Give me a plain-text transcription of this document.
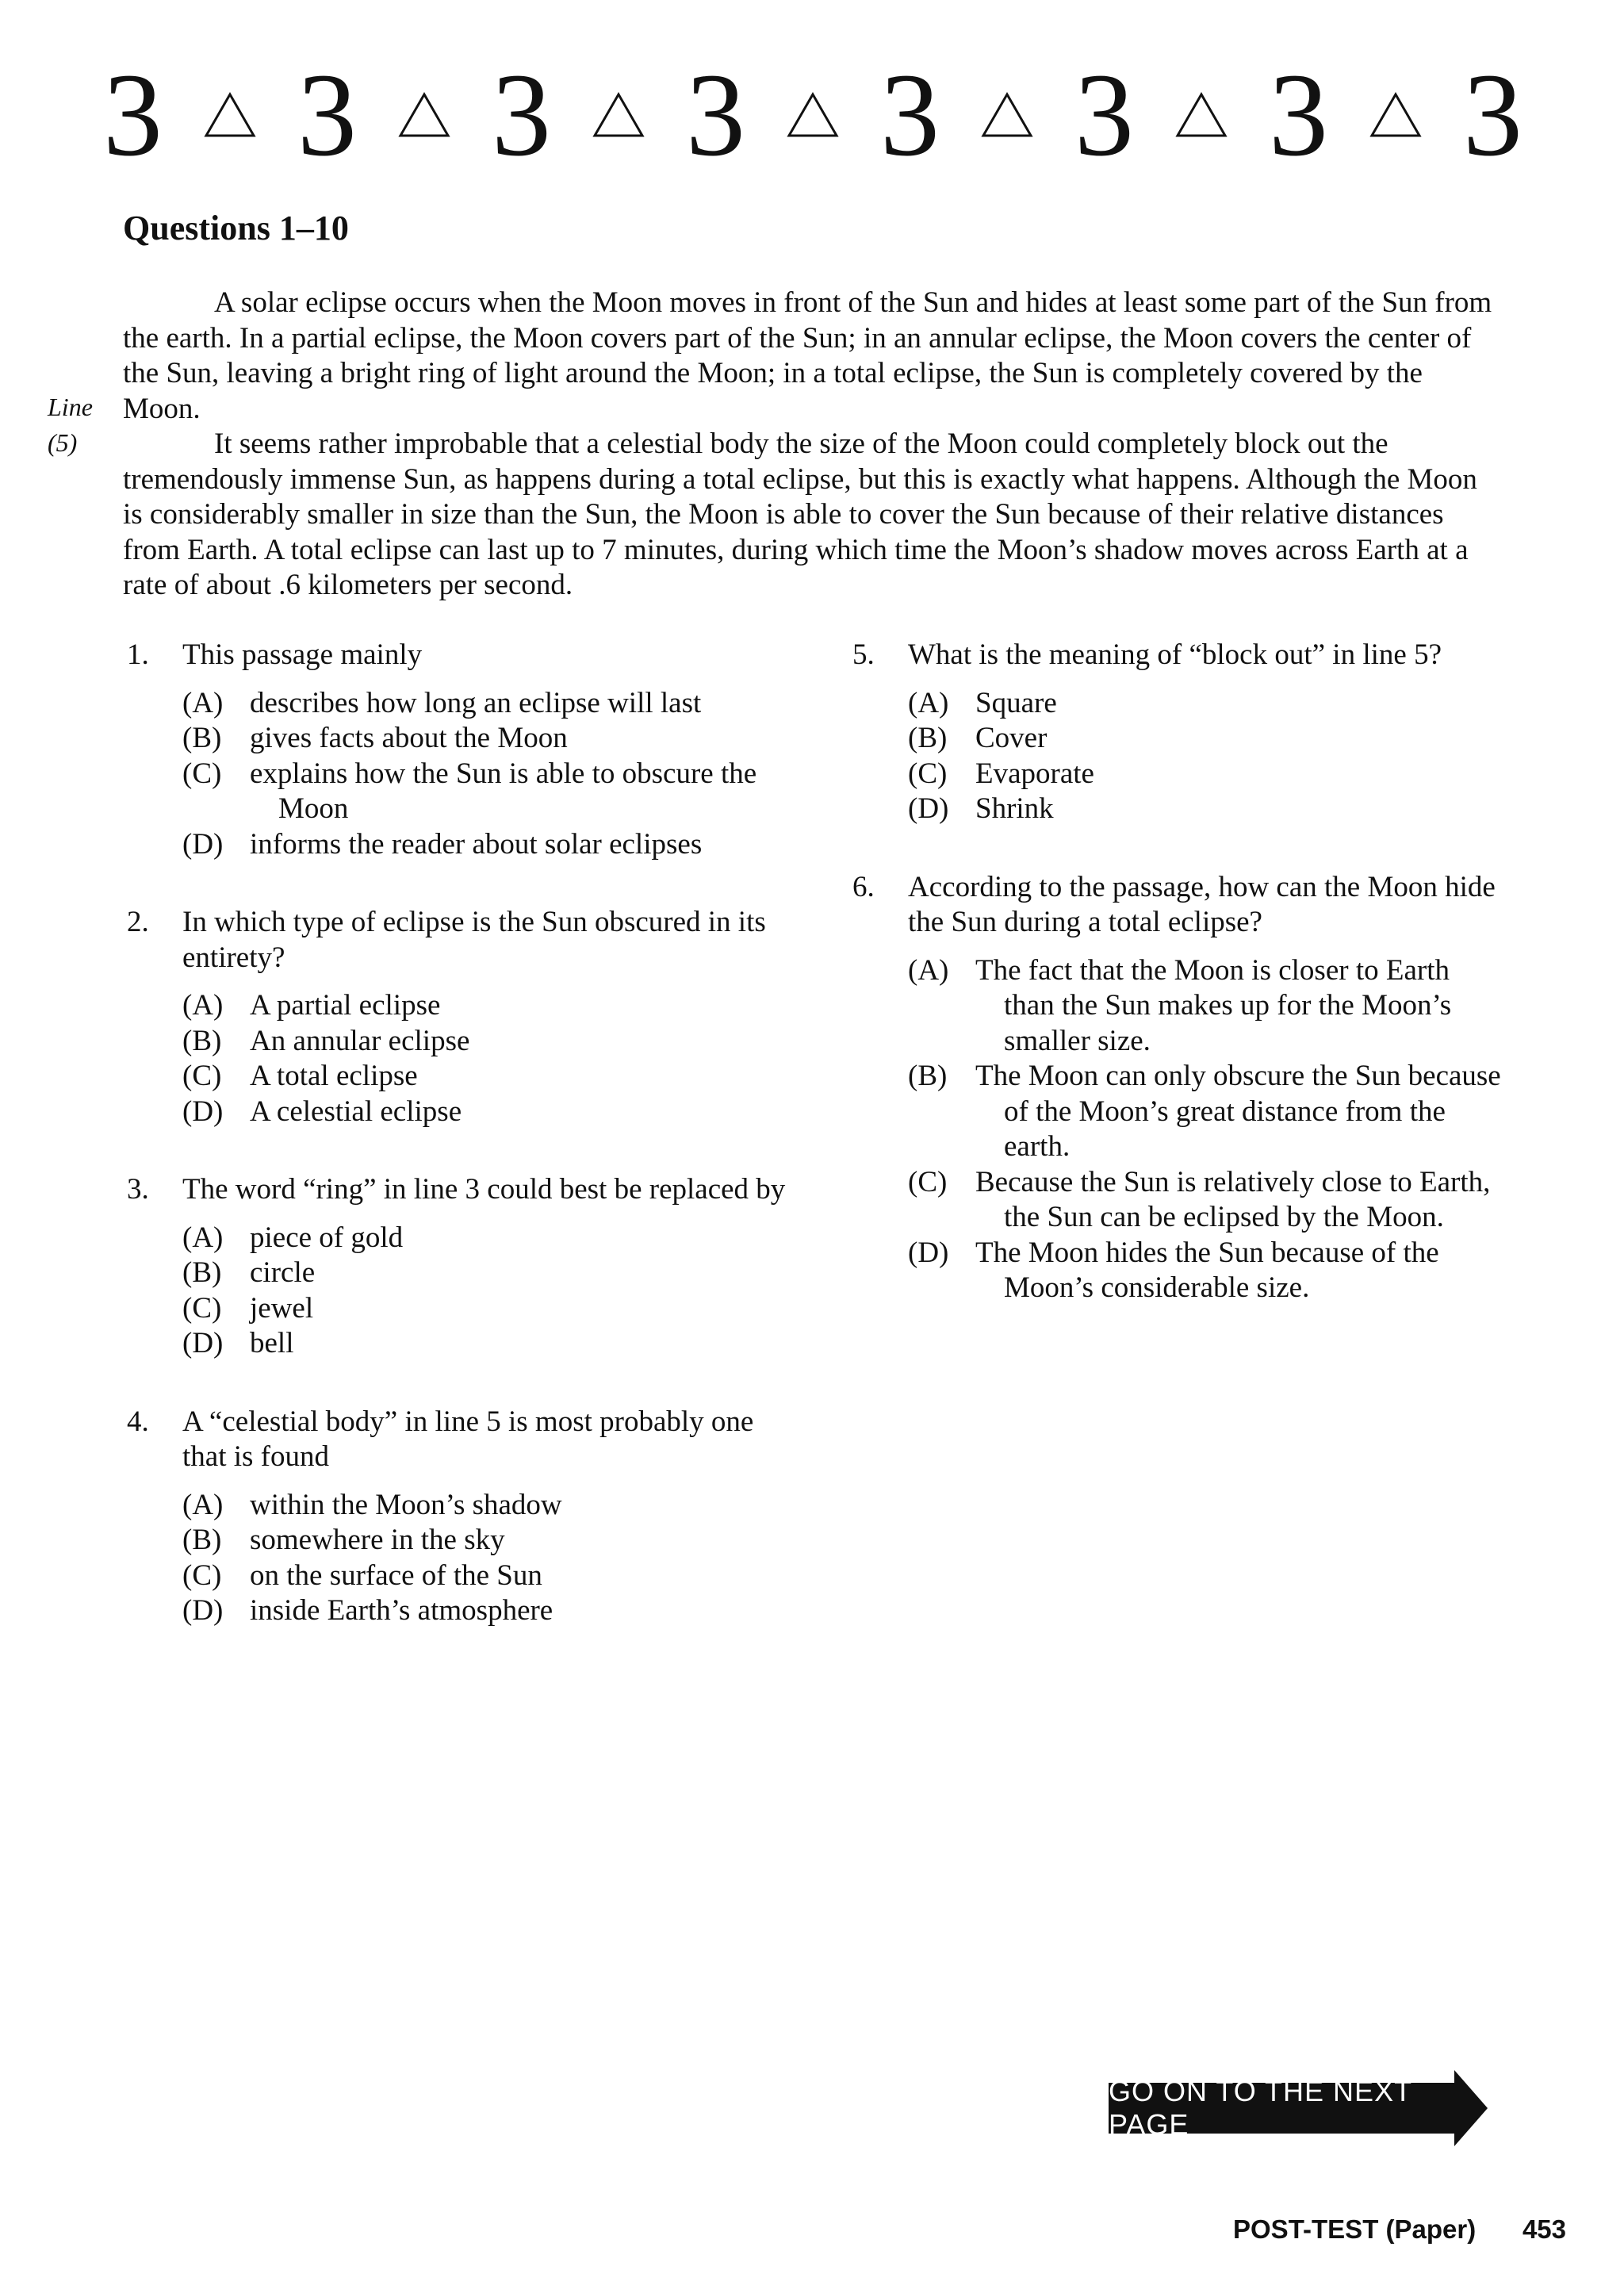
3 3 3 3 3 3 3 3
Questions 1–10

A solar eclipse occurs when the Moon moves in front of the Sun and hides at least some part of the Sun from the earth. In a partial eclipse, the Moon covers part of the Sun; in an annular eclipse, the Moon covers the center of the Sun, leaving a bright ring of light around the Moon; in a total eclipse, the Sun is completely covered by the Moon.

It seems rather improbable that a celestial body the size of the Moon could completely block out the tremendously immense Sun, as happens during a total eclipse, but this is exactly what happens. Although the Moon is considerably smaller in size than the Sun, the Moon is able to cover the Sun because of their relative distances from Earth. A total eclipse can last up to 7 minutes, during which time the Moon’s shadow moves across Earth at a rate of about .6 kilometers per second.

Line
(5)
1.	This passage mainly
(A) describes how long an eclipse will last
(B) gives facts about the Moon
(C) explains how the Sun is able to obscure the Moon
(D) informs the reader about solar eclipses
2.	In which type of eclipse is the Sun obscured in its entirety?
(A) A partial eclipse
(B) An annular eclipse
(C) A total eclipse
(D) A celestial eclipse
3.	The word “ring” in line 3 could best be replaced by
(A) piece of gold
(B) circle
(C) jewel
(D) bell
4.	A “celestial body” in line 5 is most probably one that is found
(A) within the Moon’s shadow
(B) somewhere in the sky
(C) on the surface of the Sun
(D) inside Earth’s atmosphere
5.	What is the meaning of “block out” in line 5?
(A) Square
(B) Cover
(C) Evaporate
(D) Shrink
6.	According to the passage, how can the Moon hide the Sun during a total eclipse?
(A) The fact that the Moon is closer to Earth than the Sun makes up for the Moon’s smaller size.
(B) The Moon can only obscure the Sun because of the Moon’s great distance from the earth.
(C) Because the Sun is relatively close to Earth, the Sun can be eclipsed by the Moon.
(D) The Moon hides the Sun because of the Moon’s considerable size.
GO ON TO THE NEXT PAGE
POST-TEST (Paper) 453
